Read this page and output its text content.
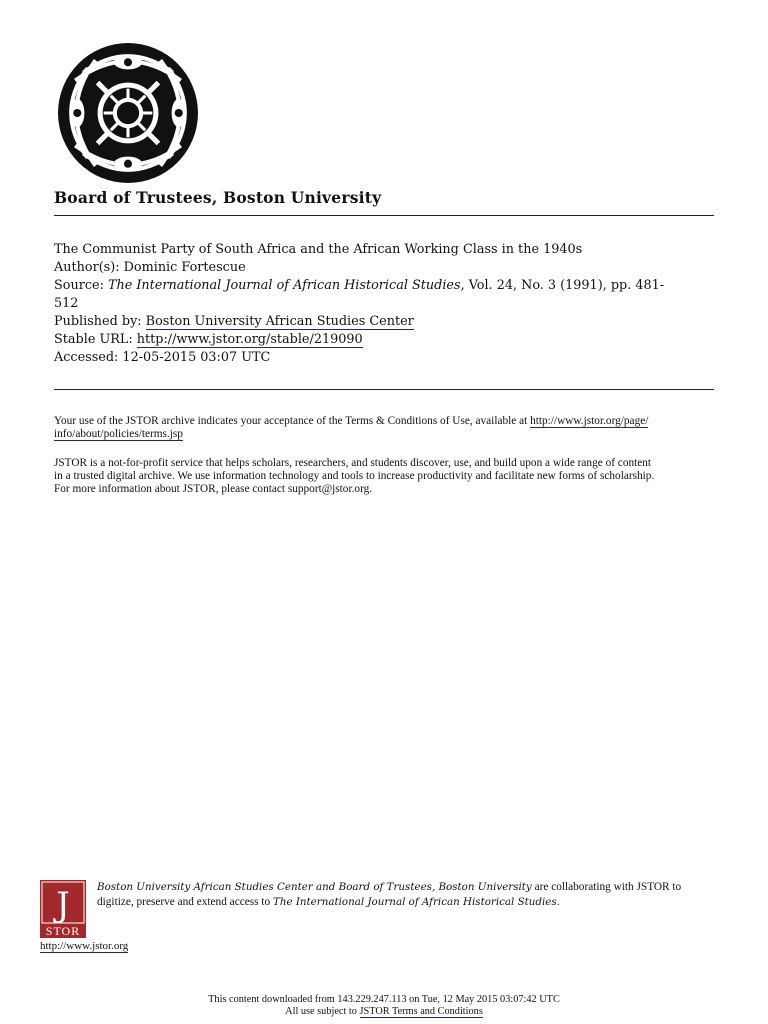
Board of Trustees, Boston University
The Communist Party of South Africa and the African Working Class in the 1940s
Author(s): Dominic Fortescue
Source: The International Journal of African Historical Studies, Vol. 24, No. 3 (1991), pp. 481-
512
Published by: Boston University African Studies Center
Stable URL: http://www.jstor.org/stable/219090
Accessed: 12-05-2015 03:07 UTC
Your use of the JSTOR archive indicates your acceptance of the Terms & Conditions of Use, available at http://www.jstor.org/page/
info/about/policies/terms.jsp
JSTOR is a not-for-profit service that helps scholars, researchers, and students discover, use, and build upon a wide range of content
in a trusted digital archive. We use information technology and tools to increase productivity and facilitate new forms of scholarship.
For more information about JSTOR, please contact support@jstor.org.
J
STOR
Boston University African Studies Center and Board of Trustees, Boston University are collaborating with JSTOR to
digitize, preserve and extend access to The International Journal of African Historical Studies.
http://www.jstor.org
This content downloaded from 143.229.247.113 on Tue, 12 May 2015 03:07:42 UTC
All use subject to JSTOR Terms and Conditions
